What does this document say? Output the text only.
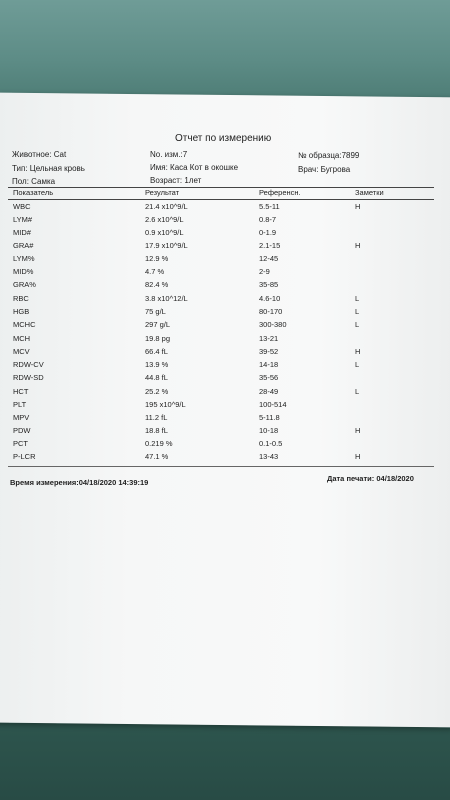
Отчет по измерению
Животное: Cat	No. изм.:7	№ образца:7899
Тип: Цельная кровь	Имя: Каса Кот в окошке	Врач: Бугрова
Пол: Самка	Возраст: 1лет
Показатель	Результат	Референсн.	Заметки
WBC	21.4 x10^9/L	5.5-11	H
LYM#	2.6 x10^9/L	0.8-7
MID#	0.9 x10^9/L	0-1.9
GRA#	17.9 x10^9/L	2.1-15	H
LYM%	12.9 %	12-45
MID%	4.7 %	2-9
GRA%	82.4 %	35-85
RBC	3.8 x10^12/L	4.6-10	L
HGB	75 g/L	80-170	L
MCHC	297 g/L	300-380	L
MCH	19.8 pg	13-21
MCV	66.4 fL	39-52	H
RDW-CV	13.9 %	14-18	L
RDW-SD	44.8 fL	35-56
HCT	25.2 %	28-49	L
PLT	195 x10^9/L	100-514
MPV	11.2 fL	5-11.8
PDW	18.8 fL	10-18	H
PCT	0.219 %	0.1-0.5
P-LCR	47.1 %	13-43	H
Время измерения:04/18/2020 14:39:19	Дата печати: 04/18/2020
